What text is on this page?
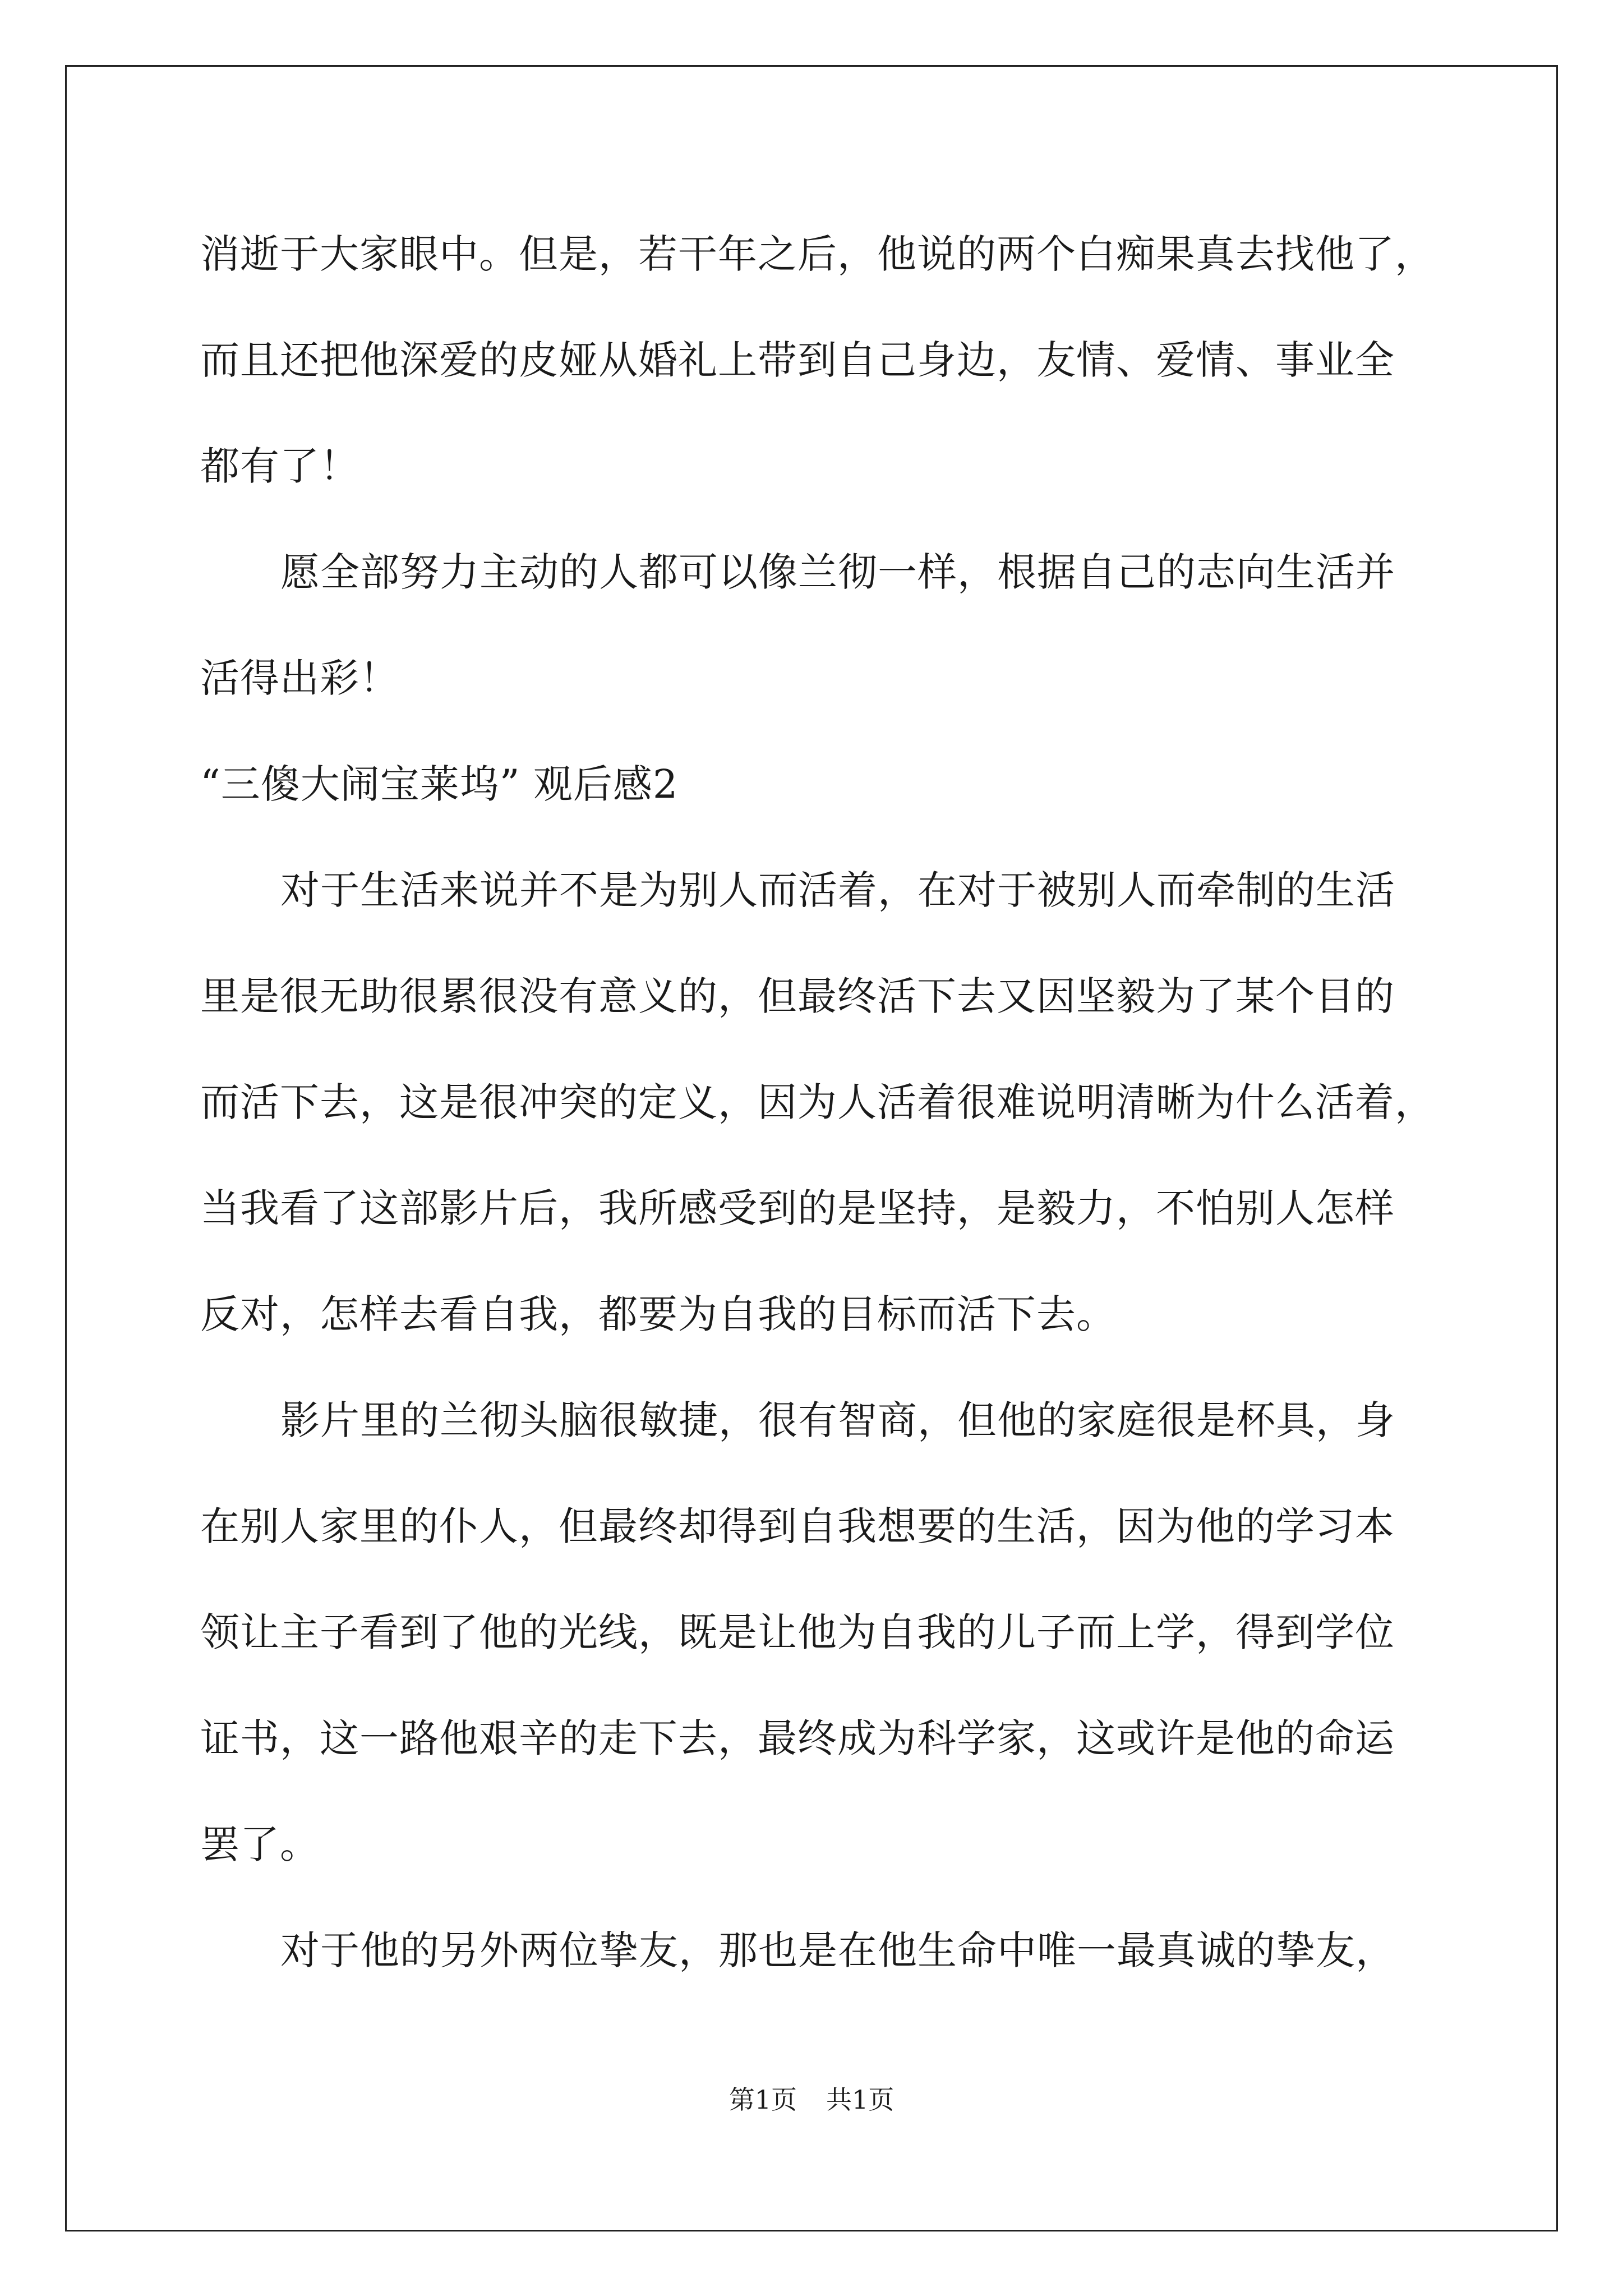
消逝于大家眼中。但是，若干年之后，他说的两个白痴果真去找他了，
而且还把他深爱的皮娅从婚礼上带到自己身边，友情、爱情、事业全
都有了！
愿全部努力主动的人都可以像兰彻一样，根据自己的志向生活并
活得出彩！
“三傻大闹宝莱坞” 观后感2
对于生活来说并不是为别人而活着，在对于被别人而牵制的生活
里是很无助很累很没有意义的，但最终活下去又因坚毅为了某个目的
而活下去，这是很冲突的定义，因为人活着很难说明清晰为什么活着，
当我看了这部影片后，我所感受到的是坚持，是毅力，不怕别人怎样
反对，怎样去看自我，都要为自我的目标而活下去。
影片里的兰彻头脑很敏捷，很有智商，但他的家庭很是杯具，身
在别人家里的仆人，但最终却得到自我想要的生活，因为他的学习本
领让主子看到了他的光线，既是让他为自我的儿子而上学，得到学位
证书，这一路他艰辛的走下去，最终成为科学家，这或许是他的命运
罢了。
对于他的另外两位挚友，那也是在他生命中唯一最真诚的挚友，
第1页 共1页
